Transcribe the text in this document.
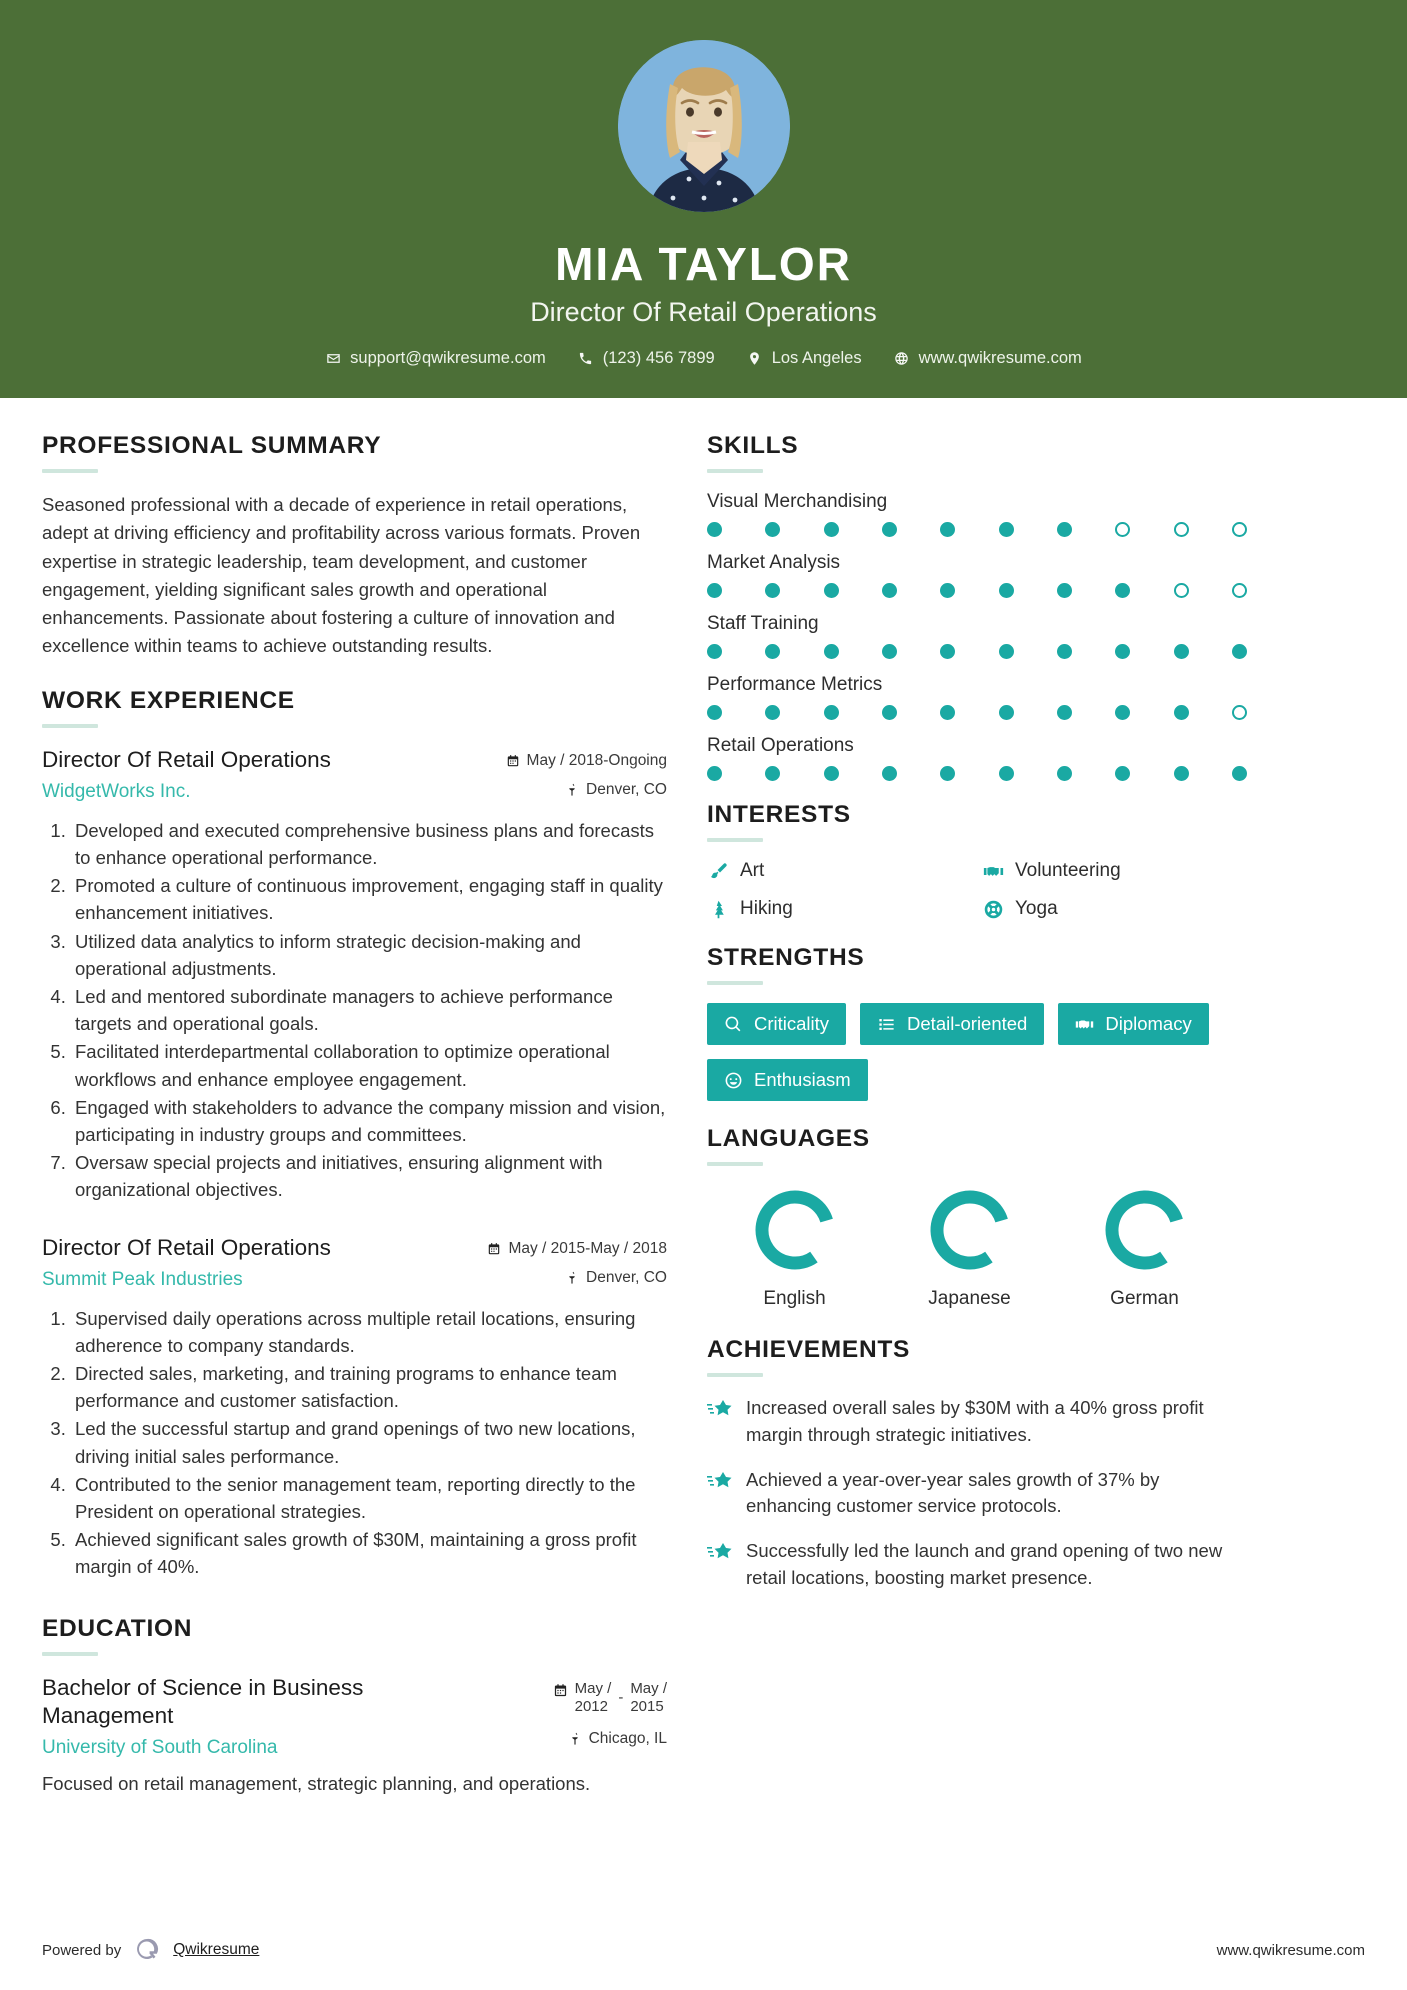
MIA TAYLOR
Director Of Retail Operations
support@qwikresume.com	(123) 456 7899	Los Angeles	www.qwikresume.com
PROFESSIONAL SUMMARY
Seasoned professional with a decade of experience in retail operations, adept at driving efficiency and profitability across various formats. Proven expertise in strategic leadership, team development, and customer engagement, yielding significant sales growth and operational enhancements. Passionate about fostering a culture of innovation and excellence within teams to achieve outstanding results.
WORK EXPERIENCE
Director Of Retail Operations
WidgetWorks Inc.
May / 2018-Ongoing
Denver, CO
1. Developed and executed comprehensive business plans and forecasts to enhance operational performance.
2. Promoted a culture of continuous improvement, engaging staff in quality enhancement initiatives.
3. Utilized data analytics to inform strategic decision-making and operational adjustments.
4. Led and mentored subordinate managers to achieve performance targets and operational goals.
5. Facilitated interdepartmental collaboration to optimize operational workflows and enhance employee engagement.
6. Engaged with stakeholders to advance the company mission and vision, participating in industry groups and committees.
7. Oversaw special projects and initiatives, ensuring alignment with organizational objectives.
Director Of Retail Operations
Summit Peak Industries
May / 2015-May / 2018
Denver, CO
1. Supervised daily operations across multiple retail locations, ensuring adherence to company standards.
2. Directed sales, marketing, and training programs to enhance team performance and customer satisfaction.
3. Led the successful startup and grand openings of two new locations, driving initial sales performance.
4. Contributed to the senior management team, reporting directly to the President on operational strategies.
5. Achieved significant sales growth of $30M, maintaining a gross profit margin of 40%.
EDUCATION
Bachelor of Science in Business Management
University of South Carolina
May /
2012
-
May /
2015
Chicago, IL
Focused on retail management, strategic planning, and operations.
SKILLS
Visual Merchandising
Market Analysis
Staff Training
Performance Metrics
Retail Operations
INTERESTS
Art	Volunteering
Hiking	Yoga
STRENGTHS
Criticality	Detail-oriented	Diplomacy
Enthusiasm
LANGUAGES
English	Japanese	German
ACHIEVEMENTS
Increased overall sales by $30M with a 40% gross profit margin through strategic initiatives.
Achieved a year-over-year sales growth of 37% by enhancing customer service protocols.
Successfully led the launch and grand opening of two new retail locations, boosting market presence.
Powered by	Qwikresume	www.qwikresume.com
